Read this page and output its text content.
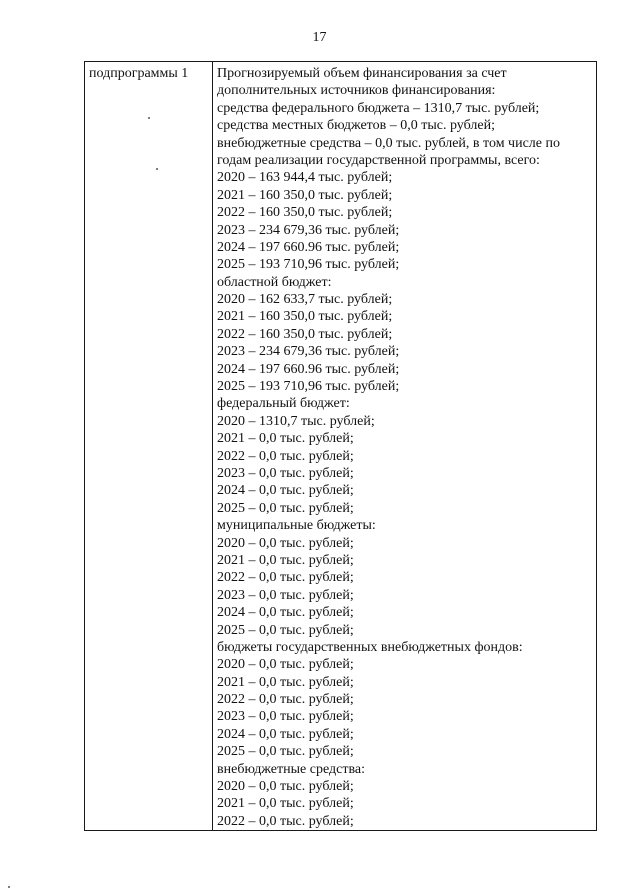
17
подпрограммы 1	Прогнозируемый объем финансирования за счет
дополнительных источников финансирования:
средства федерального бюджета – 1310,7 тыс. рублей;
средства местных бюджетов – 0,0 тыс. рублей;
внебюджетные средства – 0,0 тыс. рублей, в том числе по
годам реализации государственной программы, всего:
2020 – 163 944,4 тыс. рублей;
2021 – 160 350,0 тыс. рублей;
2022 – 160 350,0 тыс. рублей;
2023 – 234 679,36 тыс. рублей;
2024 – 197 660.96 тыс. рублей;
2025 – 193 710,96 тыс. рублей;
областной бюджет:
2020 – 162 633,7 тыс. рублей;
2021 – 160 350,0 тыс. рублей;
2022 – 160 350,0 тыс. рублей;
2023 – 234 679,36 тыс. рублей;
2024 – 197 660.96 тыс. рублей;
2025 – 193 710,96 тыс. рублей;
федеральный бюджет:
2020 – 1310,7 тыс. рублей;
2021 – 0,0 тыс. рублей;
2022 – 0,0 тыс. рублей;
2023 – 0,0 тыс. рублей;
2024 – 0,0 тыс. рублей;
2025 – 0,0 тыс. рублей;
муниципальные бюджеты:
2020 – 0,0 тыс. рублей;
2021 – 0,0 тыс. рублей;
2022 – 0,0 тыс. рублей;
2023 – 0,0 тыс. рублей;
2024 – 0,0 тыс. рублей;
2025 – 0,0 тыс. рублей;
бюджеты государственных внебюджетных фондов:
2020 – 0,0 тыс. рублей;
2021 – 0,0 тыс. рублей;
2022 – 0,0 тыс. рублей;
2023 – 0,0 тыс. рублей;
2024 – 0,0 тыс. рублей;
2025 – 0,0 тыс. рублей;
внебюджетные средства:
2020 – 0,0 тыс. рублей;
2021 – 0,0 тыс. рублей;
2022 – 0,0 тыс. рублей;
